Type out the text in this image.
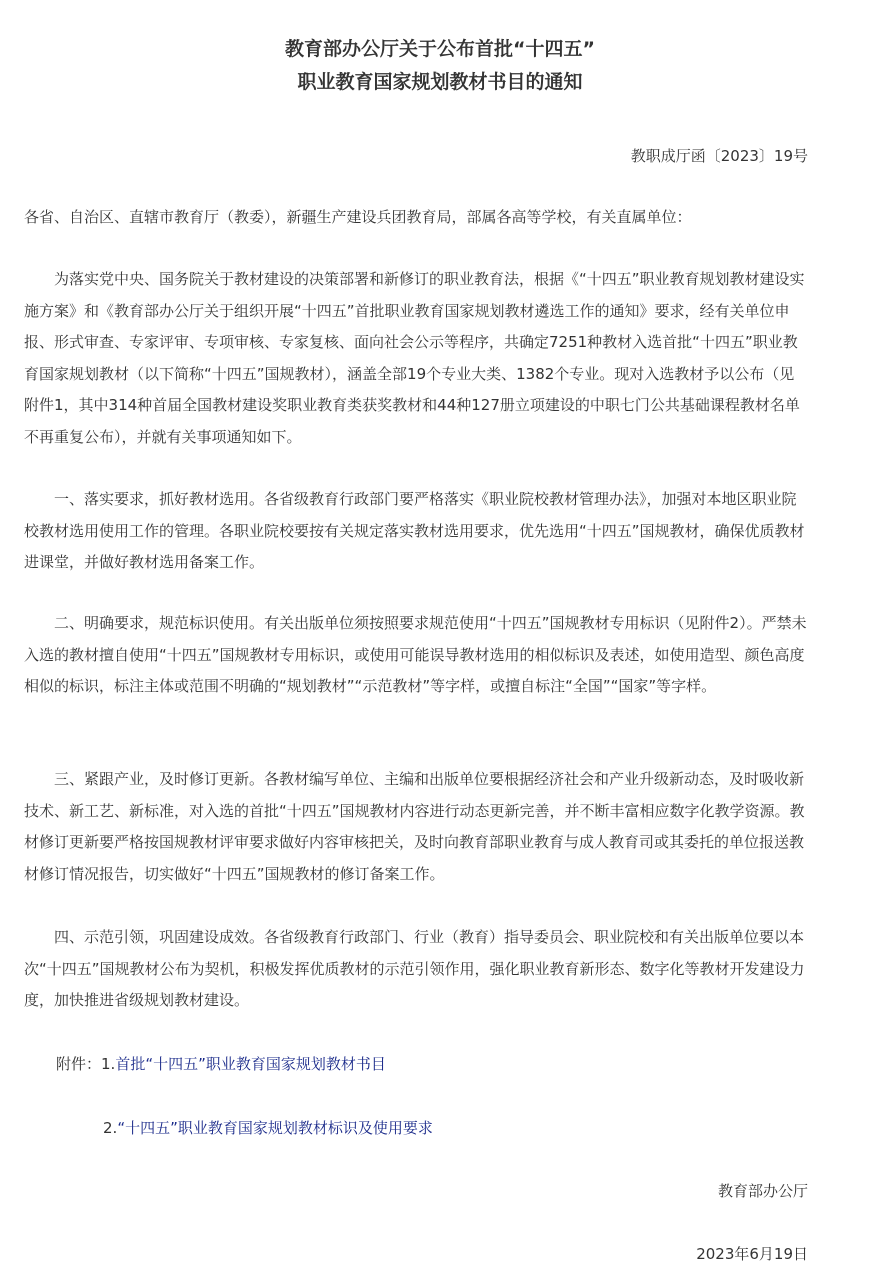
教育部办公厅关于公布首批“十四五”
职业教育国家规划教材书目的通知

教职成厅函〔2023〕19号

各省、自治区、直辖市教育厅（教委），新疆生产建设兵团教育局，部属各高等学校，有关直属单位：

为落实党中央、国务院关于教材建设的决策部署和新修订的职业教育法，根据《“十四五”职业教育规划教材建设实施方案》和《教育部办公厅关于组织开展“十四五”首批职业教育国家规划教材遴选工作的通知》要求，经有关单位申报、形式审查、专家评审、专项审核、专家复核、面向社会公示等程序，共确定7251种教材入选首批“十四五”职业教育国家规划教材（以下简称“十四五”国规教材），涵盖全部19个专业大类、1382个专业。现对入选教材予以公布（见附件1，其中314种首届全国教材建设奖职业教育类获奖教材和44种127册立项建设的中职七门公共基础课程教材名单不再重复公布），并就有关事项通知如下。

一、落实要求，抓好教材选用。各省级教育行政部门要严格落实《职业院校教材管理办法》，加强对本地区职业院校教材选用使用工作的管理。各职业院校要按有关规定落实教材选用要求，优先选用“十四五”国规教材，确保优质教材进课堂，并做好教材选用备案工作。

二、明确要求，规范标识使用。有关出版单位须按照要求规范使用“十四五”国规教材专用标识（见附件2）。严禁未入选的教材擅自使用“十四五”国规教材专用标识，或使用可能误导教材选用的相似标识及表述，如使用造型、颜色高度相似的标识，标注主体或范围不明确的“规划教材”“示范教材”等字样，或擅自标注“全国”“国家”等字样。

三、紧跟产业，及时修订更新。各教材编写单位、主编和出版单位要根据经济社会和产业升级新动态，及时吸收新技术、新工艺、新标准，对入选的首批“十四五”国规教材内容进行动态更新完善，并不断丰富相应数字化教学资源。教材修订更新要严格按国规教材评审要求做好内容审核把关，及时向教育部职业教育与成人教育司或其委托的单位报送教材修订情况报告，切实做好“十四五”国规教材的修订备案工作。

四、示范引领，巩固建设成效。各省级教育行政部门、行业（教育）指导委员会、职业院校和有关出版单位要以本次“十四五”国规教材公布为契机，积极发挥优质教材的示范引领作用，强化职业教育新形态、数字化等教材开发建设力度，加快推进省级规划教材建设。

附件：1.首批“十四五”职业教育国家规划教材书目

2.“十四五”职业教育国家规划教材标识及使用要求

教育部办公厅

2023年6月19日
